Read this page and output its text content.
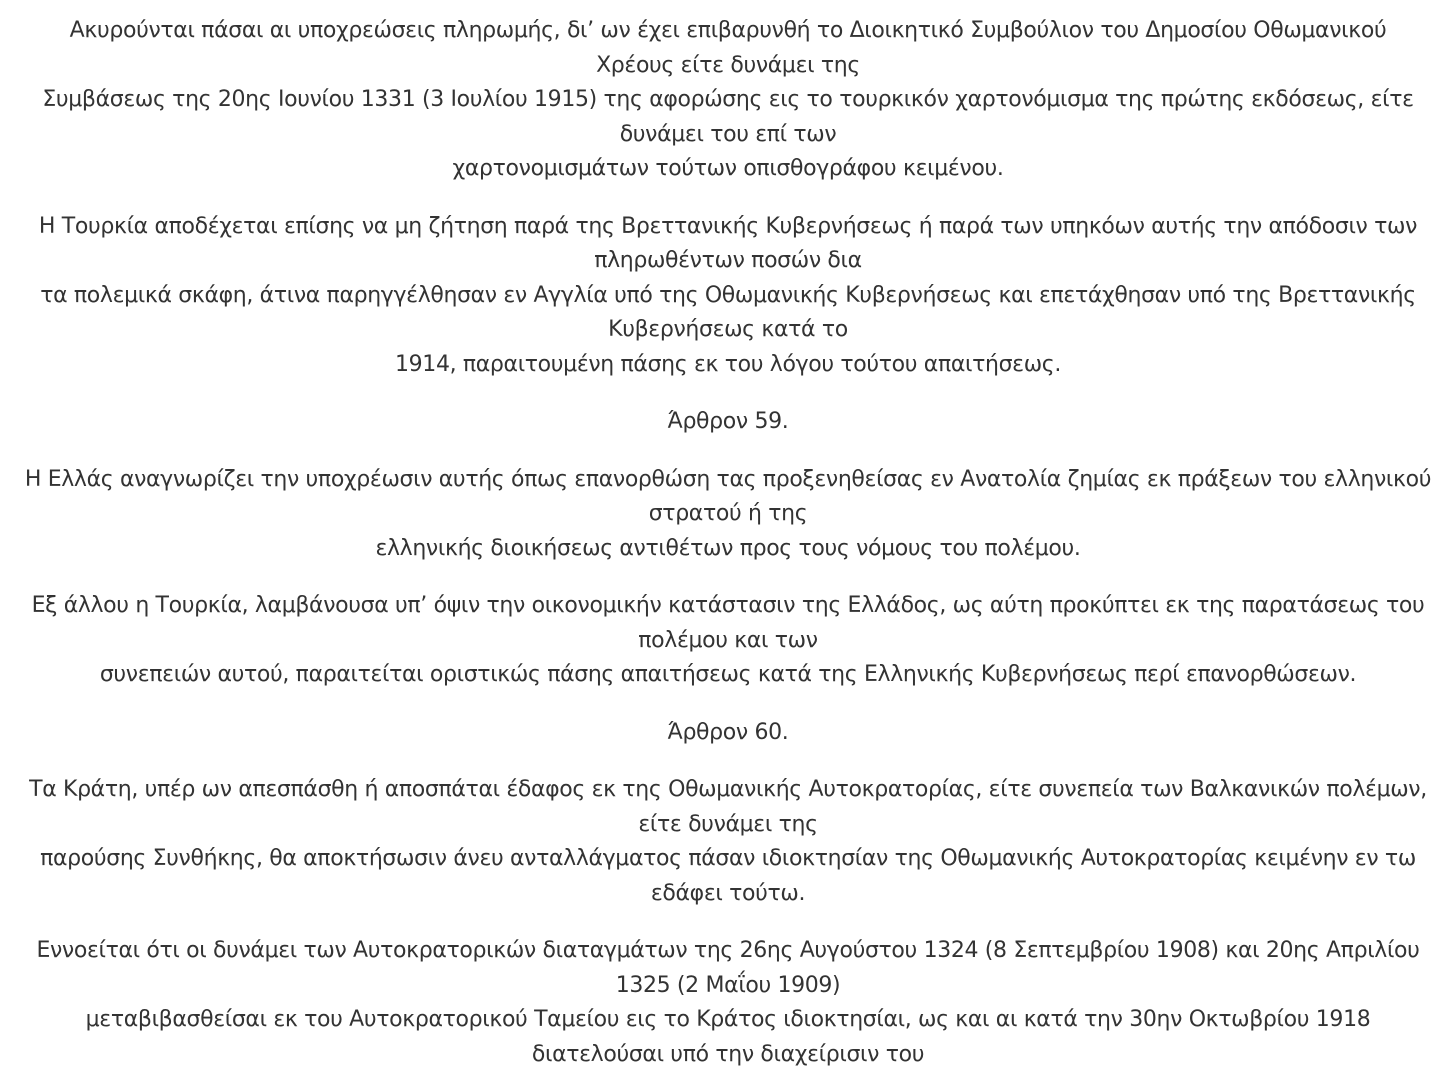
Ακυρούνται πάσαι αι υποχρεώσεις πληρωμής, δι’ ων έχει επιβαρυνθή το Διοικητικό Συμβούλιον του Δημοσίου Οθωμανικού
Χρέους είτε δυνάμει της
Συμβάσεως της 20ης Ιουνίου 1331 (3 Ιουλίου 1915) της αφορώσης εις το τουρκικόν χαρτονόμισμα της πρώτης εκδόσεως, είτε
δυνάμει του επί των
χαρτονομισμάτων τούτων οπισθογράφου κειμένου.

Η Τουρκία αποδέχεται επίσης να μη ζήτηση παρά της Βρεττανικής Κυβερνήσεως ή παρά των υπηκόων αυτής την απόδοσιν των
πληρωθέντων ποσών δια
τα πολεμικά σκάφη, άτινα παρηγγέλθησαν εν Αγγλία υπό της Οθωμανικής Κυβερνήσεως και επετάχθησαν υπό της Βρεττανικής
Κυβερνήσεως κατά το
1914, παραιτουμένη πάσης εκ του λόγου τούτου απαιτήσεως.

Άρθρον 59.

Η Ελλάς αναγνωρίζει την υποχρέωσιν αυτής όπως επανορθώση τας προξενηθείσας εν Ανατολία ζημίας εκ πράξεων του ελληνικού
στρατού ή της
ελληνικής διοικήσεως αντιθέτων προς τους νόμους του πολέμου.

Εξ άλλου η Τουρκία, λαμβάνουσα υπ’ όψιν την οικονομικήν κατάστασιν της Ελλάδος, ως αύτη προκύπτει εκ της παρατάσεως του
πολέμου και των
συνεπειών αυτού, παραιτείται οριστικώς πάσης απαιτήσεως κατά της Ελληνικής Κυβερνήσεως περί επανορθώσεων.

Άρθρον 60.

Τα Κράτη, υπέρ ων απεσπάσθη ή αποσπάται έδαφος εκ της Οθωμανικής Αυτοκρατορίας, είτε συνεπεία των Βαλκανικών πολέμων,
είτε δυνάμει της
παρούσης Συνθήκης, θα αποκτήσωσιν άνευ ανταλλάγματος πάσαν ιδιοκτησίαν της Οθωμανικής Αυτοκρατορίας κειμένην εν τω
εδάφει τούτω.

Εννοείται ότι οι δυνάμει των Αυτοκρατορικών διαταγμάτων της 26ης Αυγούστου 1324 (8 Σεπτεμβρίου 1908) και 20ης Απριλίου
1325 (2 Μαΐου 1909)
μεταβιβασθείσαι εκ του Αυτοκρατορικού Ταμείου εις το Κράτος ιδιοκτησίαι, ως και αι κατά την 30ην Οκτωβρίου 1918
διατελούσαι υπό την διαχείρισιν του
